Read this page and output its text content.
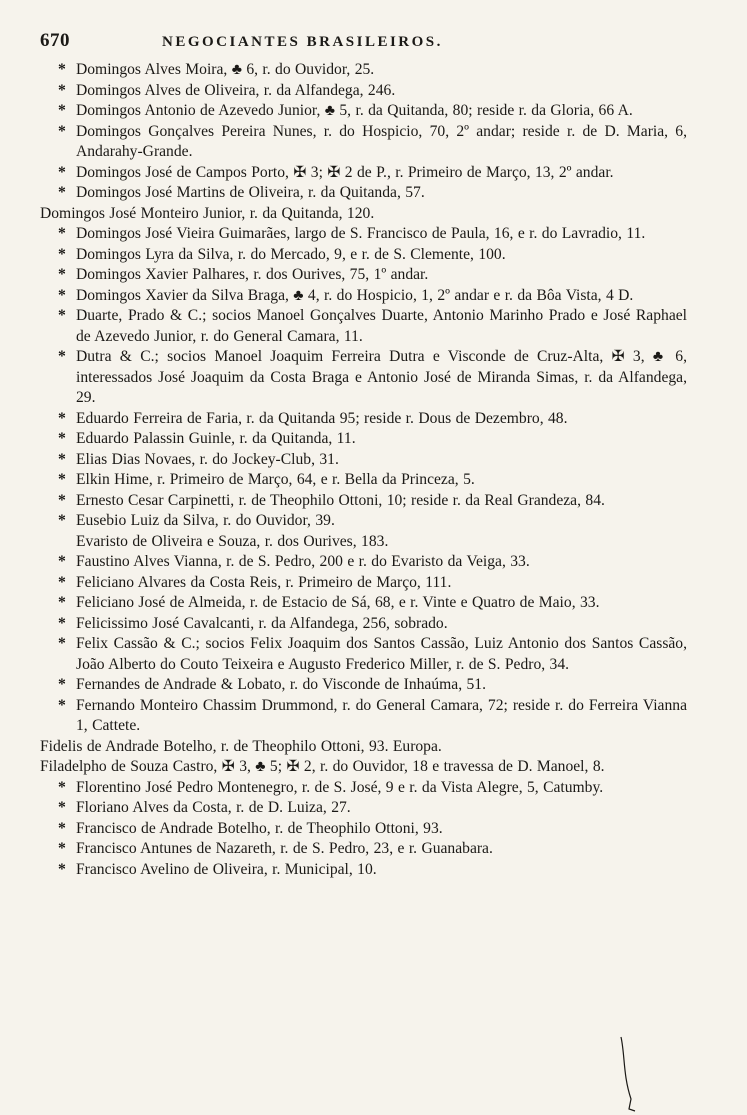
670	NEGOCIANTES BRASILEIROS.
* Domingos Alves Moira, ♣ 6, r. do Ouvidor, 25.
* Domingos Alves de Oliveira, r. da Alfandega, 246.
* Domingos Antonio de Azevedo Junior, ♣ 5, r. da Quitanda, 80; reside r. da Gloria, 66 A.
* Domingos Gonçalves Pereira Nunes, r. do Hospicio, 70, 2º andar; reside r. de D. Maria, 6, Andarahy-Grande.
* Domingos José de Campos Porto, ✠ 3; ✠ 2 de P., r. Primeiro de Março, 13, 2º andar.
* Domingos José Martins de Oliveira, r. da Quitanda, 57.
Domingos José Monteiro Junior, r. da Quitanda, 120.
* Domingos José Vieira Guimarães, largo de S. Francisco de Paula, 16, e r. do Lavradio, 11.
* Domingos Lyra da Silva, r. do Mercado, 9, e r. de S. Clemente, 100.
* Domingos Xavier Palhares, r. dos Ourives, 75, 1º andar.
* Domingos Xavier da Silva Braga, ♣ 4, r. do Hospicio, 1, 2º andar e r. da Bôa Vista, 4 D.
* Duarte, Prado & C.; socios Manoel Gonçalves Duarte, Antonio Marinho Prado e José Raphael de Azevedo Junior, r. do General Camara, 11.
* Dutra & C.; socios Manoel Joaquim Ferreira Dutra e Visconde de Cruz-Alta, ✠ 3, ♣ 6, interessados José Joaquim da Costa Braga e Antonio José de Miranda Simas, r. da Alfandega, 29.
* Eduardo Ferreira de Faria, r. da Quitanda 95; reside r. Dous de Dezembro, 48.
* Eduardo Palassin Guinle, r. da Quitanda, 11.
* Elias Dias Novaes, r. do Jockey-Club, 31.
* Elkin Hime, r. Primeiro de Março, 64, e r. Bella da Princeza, 5.
* Ernesto Cesar Carpinetti, r. de Theophilo Ottoni, 10; reside r. da Real Grandeza, 84.
* Eusebio Luiz da Silva, r. do Ouvidor, 39.
Evaristo de Oliveira e Souza, r. dos Ourives, 183.
* Faustino Alves Vianna, r. de S. Pedro, 200 e r. do Evaristo da Veiga, 33.
* Feliciano Alvares da Costa Reis, r. Primeiro de Março, 111.
* Feliciano José de Almeida, r. de Estacio de Sá, 68, e r. Vinte e Quatro de Maio, 33.
* Felicissimo José Cavalcanti, r. da Alfandega, 256, sobrado.
* Felix Cassão & C.; socios Felix Joaquim dos Santos Cassão, Luiz Antonio dos Santos Cassão, João Alberto do Couto Teixeira e Augusto Frederico Miller, r. de S. Pedro, 34.
* Fernandes de Andrade & Lobato, r. do Visconde de Inhaúma, 51.
* Fernando Monteiro Chassim Drummond, r. do General Camara, 72; reside r. do Ferreira Vianna 1, Cattete.
Fidelis de Andrade Botelho, r. de Theophilo Ottoni, 93. Europa.
Filadelpho de Souza Castro, ✠ 3, ♣ 5; ✠ 2, r. do Ouvidor, 18 e travessa de D. Manoel, 8.
* Florentino José Pedro Montenegro, r. de S. José, 9 e r. da Vista Alegre, 5, Catumby.
* Floriano Alves da Costa, r. de D. Luiza, 27.
* Francisco de Andrade Botelho, r. de Theophilo Ottoni, 93.
* Francisco Antunes de Nazareth, r. de S. Pedro, 23, e r. Guanabara.
* Francisco Avelino de Oliveira, r. Municipal, 10.
